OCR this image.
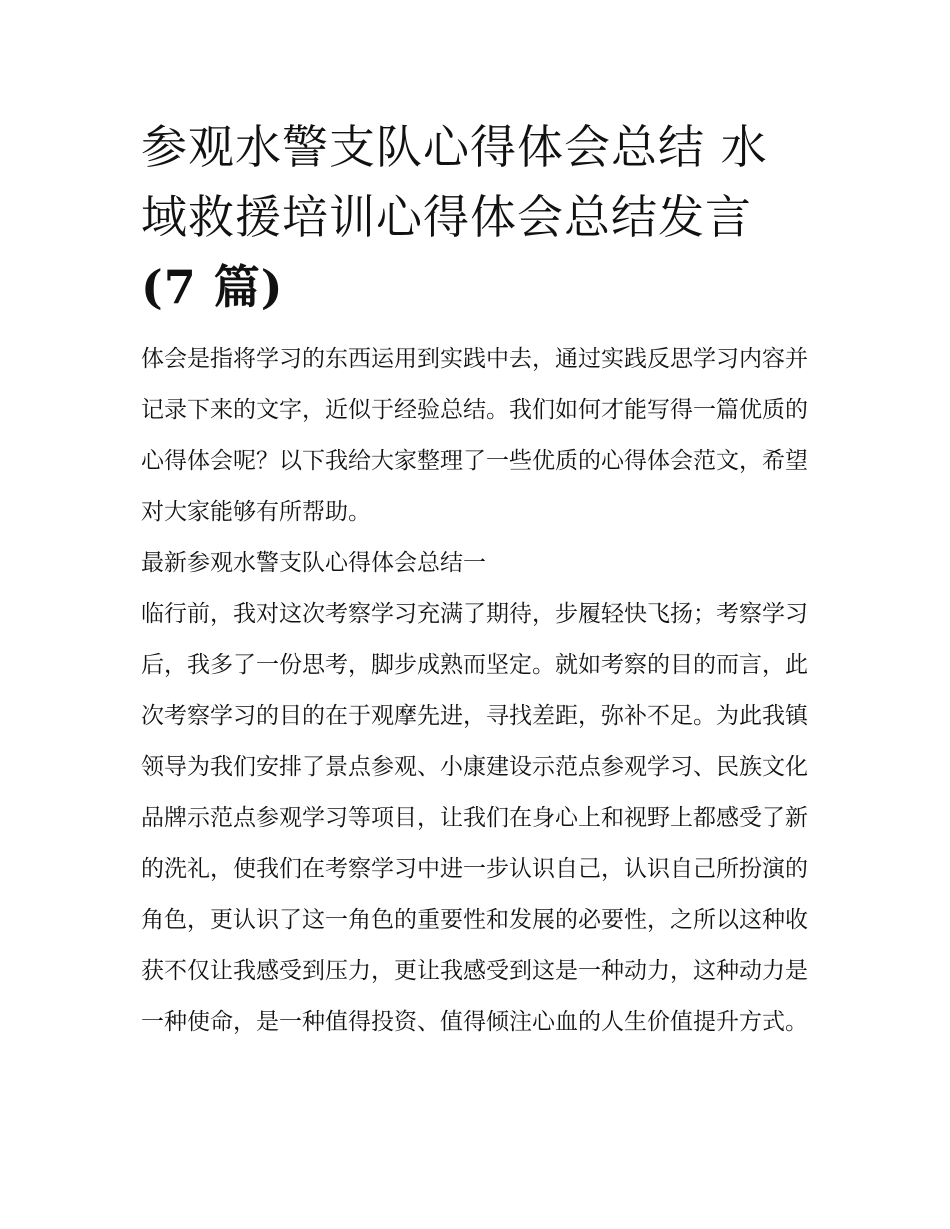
参观水警支队心得体会总结 水域救援培训心得体会总结发言
(7 篇)

体会是指将学习的东西运用到实践中去，通过实践反思学习内容并记录下来的文字，近似于经验总结。我们如何才能写得一篇优质的心得体会呢？以下我给大家整理了一些优质的心得体会范文，希望对大家能够有所帮助。

最新参观水警支队心得体会总结一

临行前，我对这次考察学习充满了期待，步履轻快飞扬；考察学习后，我多了一份思考，脚步成熟而坚定。就如考察的目的而言，此次考察学习的目的在于观摩先进，寻找差距，弥补不足。为此我镇领导为我们安排了景点参观、小康建设示范点参观学习、民族文化品牌示范点参观学习等项目，让我们在身心上和视野上都感受了新的洗礼，使我们在考察学习中进一步认识自己，认识自己所扮演的角色，更认识了这一角色的重要性和发展的必要性，之所以这种收获不仅让我感受到压力，更让我感受到这是一种动力，这种动力是一种使命，是一种值得投资、值得倾注心血的人生价值提升方式。
